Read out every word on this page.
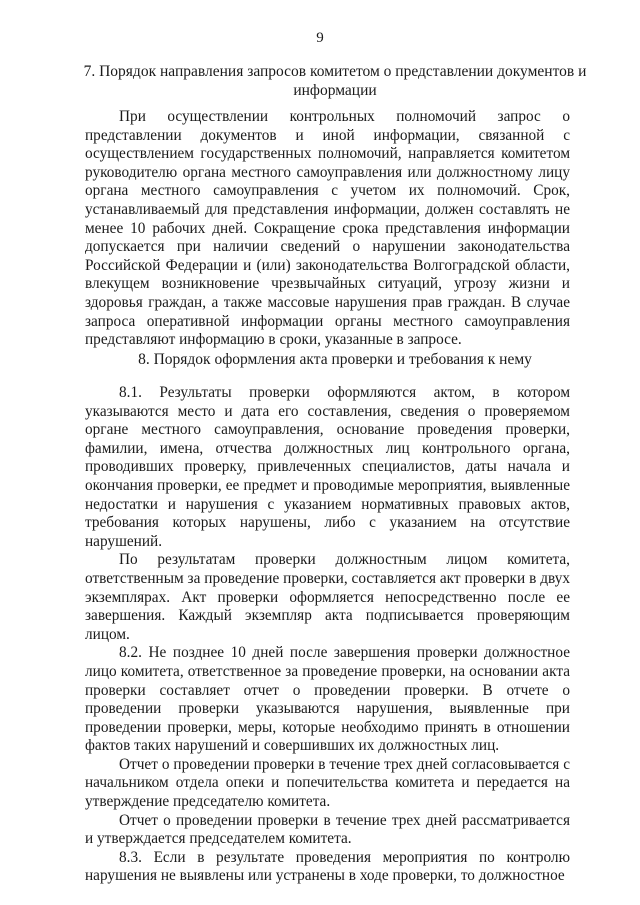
9
7. Порядок направления запросов комитетом о представлении документов и информации

При осуществлении контрольных полномочий запрос о представлении документов и иной информации, связанной с осуществлением государственных полномочий, направляется комитетом руководителю органа местного самоуправления или должностному лицу органа местного самоуправления с учетом их полномочий. Срок, устанавливаемый для представления информации, должен составлять не менее 10 рабочих дней. Сокращение срока представления информации допускается при наличии сведений о нарушении законодательства Российской Федерации и (или) законодательства Волгоградской области, влекущем возникновение чрезвычайных ситуаций, угрозу жизни и здоровья граждан, а также массовые нарушения прав граждан. В случае запроса оперативной информации органы местного самоуправления представляют информацию в сроки, указанные в запросе.

8. Порядок оформления акта проверки и требования к нему

8.1. Результаты проверки оформляются актом, в котором указываются место и дата его составления, сведения о проверяемом органе местного самоуправления, основание проведения проверки, фамилии, имена, отчества должностных лиц контрольного органа, проводивших проверку, привлеченных специалистов, даты начала и окончания проверки, ее предмет и проводимые мероприятия, выявленные недостатки и нарушения с указанием нормативных правовых актов, требования которых нарушены, либо с указанием на отсутствие нарушений.

По результатам проверки должностным лицом комитета, ответственным за проведение проверки, составляется акт проверки в двух экземплярах. Акт проверки оформляется непосредственно после ее завершения. Каждый экземпляр акта подписывается проверяющим лицом.

8.2. Не позднее 10 дней после завершения проверки должностное лицо комитета, ответственное за проведение проверки, на основании акта проверки составляет отчет о проведении проверки. В отчете о проведении проверки указываются нарушения, выявленные при проведении проверки, меры, которые необходимо принять в отношении фактов таких нарушений и совершивших их должностных лиц.

Отчет о проведении проверки в течение трех дней согласовывается с начальником отдела опеки и попечительства комитета и передается на утверждение председателю комитета.

Отчет о проведении проверки в течение трех дней рассматривается и утверждается председателем комитета.

8.3. Если в результате проведения мероприятия по контролю нарушения не выявлены или устранены в ходе проверки, то должностное
